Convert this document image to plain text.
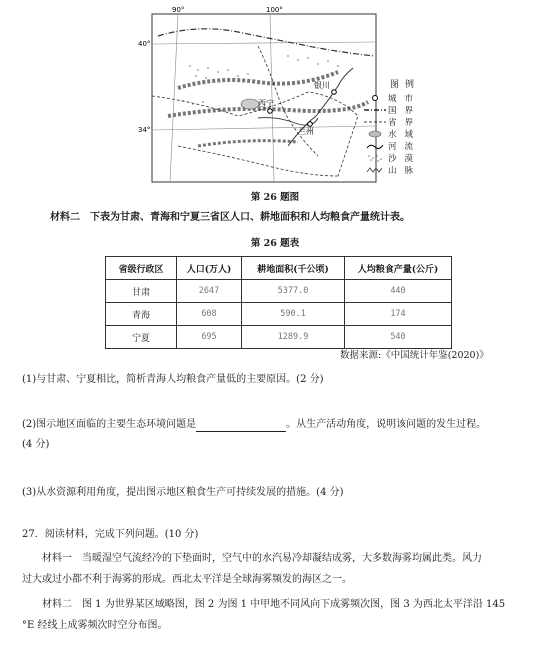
银川
西宁
兰州
90°	100°
40°
34°
图例
城市
国界
省界
水域
河流
沙漠
山脉
第 26 题图
材料二　下表为甘肃、青海和宁夏三省区人口、耕地面积和人均粮食产量统计表。
第 26 题表
省级行政区	人口(万人)	耕地面积(千公顷)	人均粮食产量(公斤)
甘肃	2647	5377.0	440
青海	608	590.1	174
宁夏	695	1289.9	540
数据来源:《中国统计年鉴(2020)》
(1)与甘肃、宁夏相比，简析青海人均粮食产量低的主要原因。(2 分)
(2)图示地区面临的主要生态环境问题是	。从生产活动角度，说明该问题的发生过程。
(4 分)
(3)从水资源利用角度，提出图示地区粮食生产可持续发展的措施。(4 分)
27．阅读材料，完成下列问题。(10 分)
材料一　当暖湿空气流经冷的下垫面时，空气中的水汽易冷却凝结成雾，大多数海雾均属此类。风力
过大或过小都不利于海雾的形成。西北太平洋是全球海雾频发的海区之一。
材料二　图 1 为世界某区域略图，图 2 为图 1 中甲地不同风向下成雾频次图，图 3 为西北太平洋沿 145
°E 经线上成雾频次时空分布图。
